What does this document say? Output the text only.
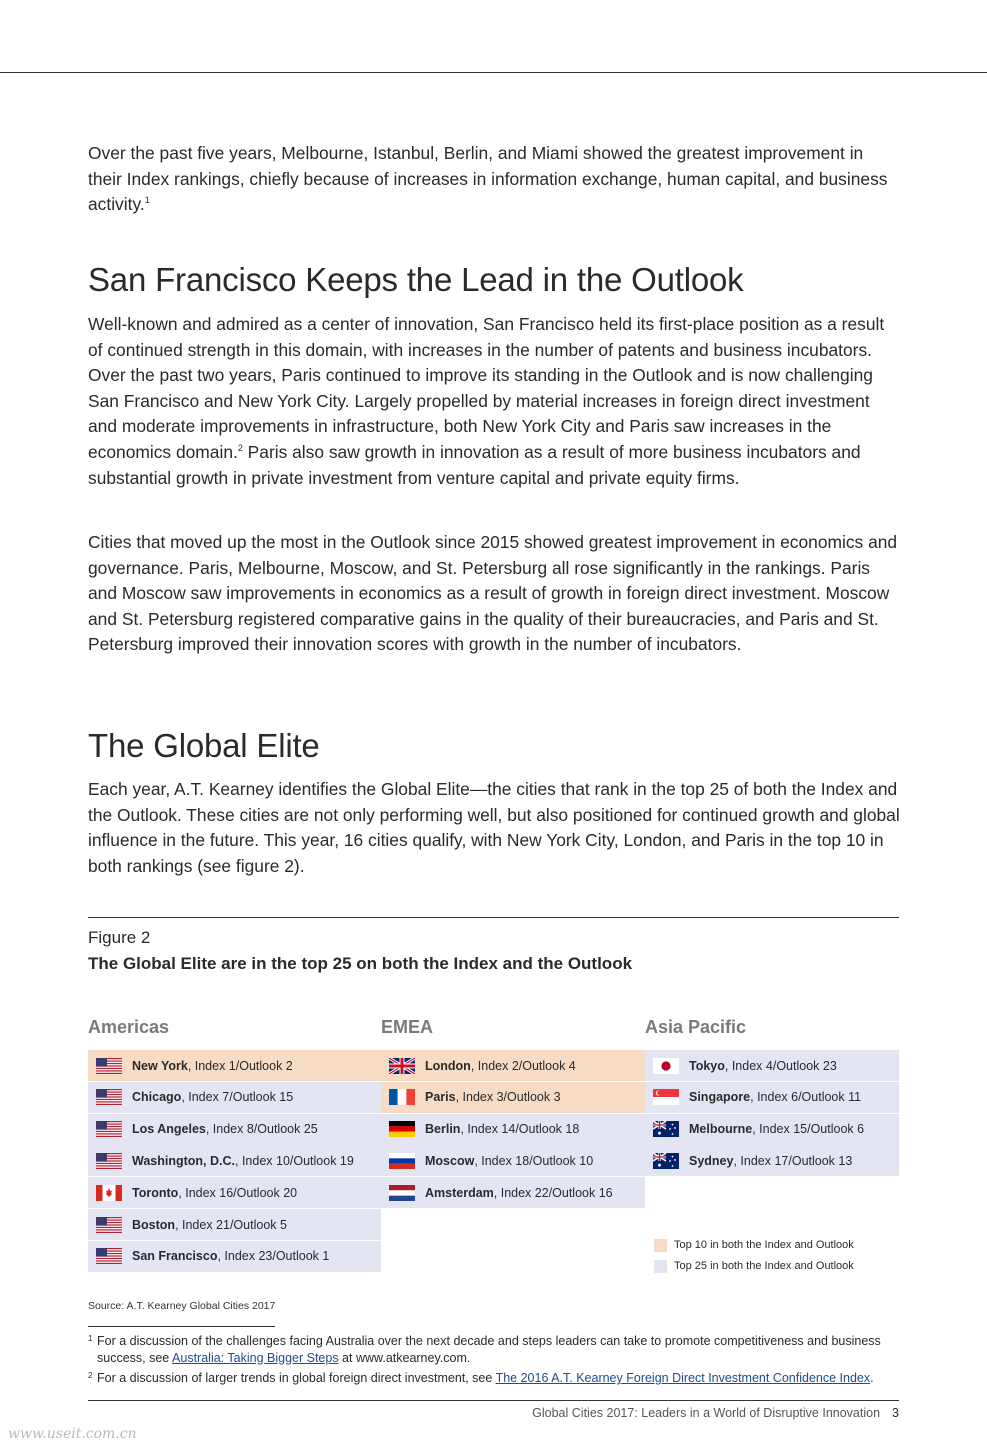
Over the past five years, Melbourne, Istanbul, Berlin, and Miami showed the greatest improvement in their Index rankings, chiefly because of increases in information exchange, human capital, and business activity.$^1$

San Francisco Keeps the Lead in the Outlook

Well-known and admired as a center of innovation, San Francisco held its first-place position as a result of continued strength in this domain, with increases in the number of patents and business incubators. Over the past two years, Paris continued to improve its standing in the Outlook and is now challenging San Francisco and New York City. Largely propelled by material increases in foreign direct investment and moderate improvements in infrastructure, both New York City and Paris saw increases in the economics domain.$^2$ Paris also saw growth in innovation as a result of more business incubators and substantial growth in private investment from venture capital and private equity firms.

Cities that moved up the most in the Outlook since 2015 showed greatest improvement in economics and governance. Paris, Melbourne, Moscow, and St. Petersburg all rose significantly in the rankings. Paris and Moscow saw improvements in economics as a result of growth in foreign direct investment. Moscow and St. Petersburg registered comparative gains in the quality of their bureaucracies, and Paris and St. Petersburg improved their innovation scores with growth in the number of incubators.

The Global Elite

Each year, A.T. Kearney identifies the Global Elite—the cities that rank in the top 25 of both the Index and the Outlook. These cities are not only performing well, but also positioned for continued growth and global influence in the future. This year, 16 cities qualify, with New York City, London, and Paris in the top 10 in both rankings (see figure 2).

Figure 2
The Global Elite are in the top 25 on both the Index and the Outlook
Americas	EMEA	Asia Pacific
New York , Index 1/Outlook 2
Chicago , Index 7/Outlook 15
Los Angeles , Index 8/Outlook 25
Washington, D.C. , Index 10/Outlook 19
Toronto , Index 16/Outlook 20
Boston , Index 21/Outlook 5
San Francisco , Index 23/Outlook 1
London , Index 2/Outlook 4
Paris , Index 3/Outlook 3
Berlin , Index 14/Outlook 18
Moscow , Index 18/Outlook 10
Amsterdam , Index 22/Outlook 16
Tokyo , Index 4/Outlook 23
Singapore , Index 6/Outlook 11
Melbourne , Index 15/Outlook 6
Sydney , Index 17/Outlook 13
Top 10 in both the Index and Outlook
Top 25 in both the Index and Outlook
Source: A.T. Kearney Global Cities 2017
1 For a discussion of the challenges facing Australia over the next decade and steps leaders can take to promote competitiveness and business success, see Australia: Taking Bigger Steps at www.atkearney.com.
2 For a discussion of larger trends in global foreign direct investment, see The 2016 A.T. Kearney Foreign Direct Investment Confidence Index.
Global Cities 2017: Leaders in a World of Disruptive Innovation 3
www.useit.com.cn
